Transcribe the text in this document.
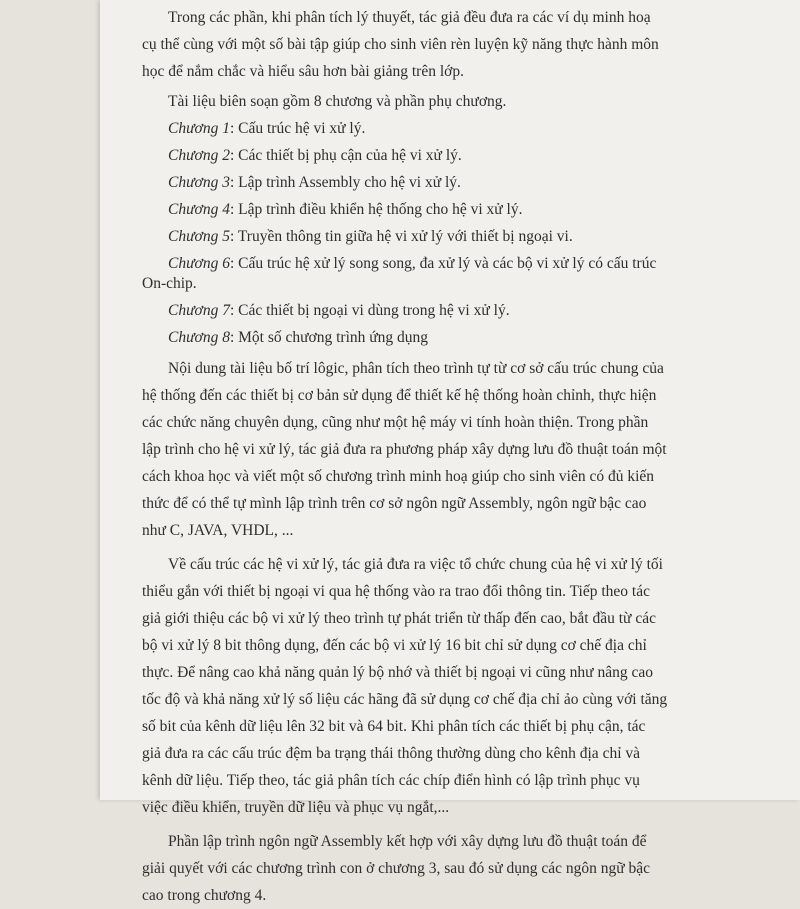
Trong các phần, khi phân tích lý thuyết, tác giả đều đưa ra các ví dụ minh hoạ cụ thể cùng với một số bài tập giúp cho sinh viên rèn luyện kỹ năng thực hành môn học để nắm chắc và hiểu sâu hơn bài giảng trên lớp.

Tài liệu biên soạn gồm 8 chương và phần phụ chương.

Chương 1: Cấu trúc hệ vi xử lý.

Chương 2: Các thiết bị phụ cận của hệ vi xử lý.

Chương 3: Lập trình Assembly cho hệ vi xử lý.

Chương 4: Lập trình điều khiển hệ thống cho hệ vi xử lý.

Chương 5: Truyền thông tin giữa hệ vi xử lý với thiết bị ngoại vi.

Chương 6: Cấu trúc hệ xử lý song song, đa xử lý và các bộ vi xử lý có cấu trúc On-chip.

Chương 7: Các thiết bị ngoại vi dùng trong hệ vi xử lý.

Chương 8: Một số chương trình ứng dụng

Nội dung tài liệu bố trí lôgic, phân tích theo trình tự từ cơ sở cấu trúc chung của hệ thống đến các thiết bị cơ bản sử dụng để thiết kế hệ thống hoàn chỉnh, thực hiện các chức năng chuyên dụng, cũng như một hệ máy vi tính hoàn thiện. Trong phần lập trình cho hệ vi xử lý, tác giả đưa ra phương pháp xây dựng lưu đồ thuật toán một cách khoa học và viết một số chương trình minh hoạ giúp cho sinh viên có đủ kiến thức để có thể tự mình lập trình trên cơ sở ngôn ngữ Assembly, ngôn ngữ bậc cao như C, JAVA, VHDL, ...

Về cấu trúc các hệ vi xử lý, tác giả đưa ra việc tổ chức chung của hệ vi xử lý tối thiểu gắn với thiết bị ngoại vi qua hệ thống vào ra trao đổi thông tin. Tiếp theo tác giả giới thiệu các bộ vi xử lý theo trình tự phát triển từ thấp đến cao, bắt đầu từ các bộ vi xử lý 8 bit thông dụng, đến các bộ vi xử lý 16 bit chỉ sử dụng cơ chế địa chỉ thực. Để nâng cao khả năng quản lý bộ nhớ và thiết bị ngoại vi cũng như nâng cao tốc độ và khả năng xử lý số liệu các hãng đã sử dụng cơ chế địa chỉ ảo cùng với tăng số bit của kênh dữ liệu lên 32 bit và 64 bit. Khi phân tích các thiết bị phụ cận, tác giả đưa ra các cấu trúc đệm ba trạng thái thông thường dùng cho kênh địa chỉ và kênh dữ liệu. Tiếp theo, tác giả phân tích các chíp điển hình có lập trình phục vụ việc điều khiển, truyền dữ liệu và phục vụ ngắt,...

Phần lập trình ngôn ngữ Assembly kết hợp với xây dựng lưu đồ thuật toán để giải quyết với các chương trình con ở chương 3, sau đó sử dụng các ngôn ngữ bậc cao trong chương 4.
